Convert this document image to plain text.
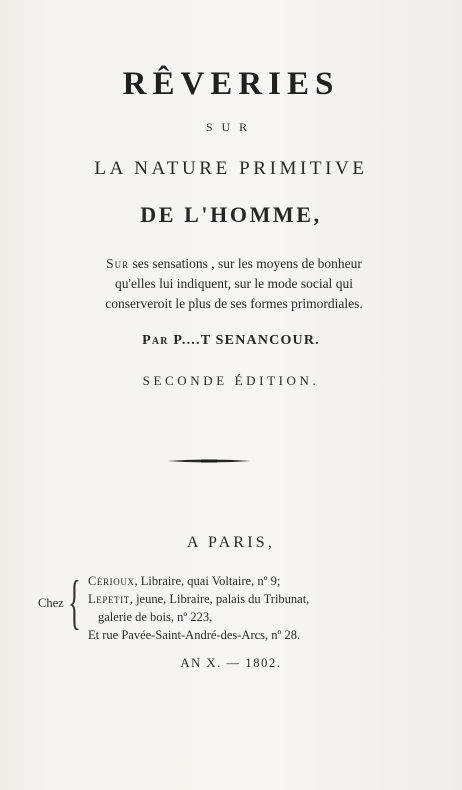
RÊVERIES
SUR
LA NATURE PRIMITIVE
DE L'HOMME,
Sur ses sensations , sur les moyens de bonheur
qu'elles lui indiquent, sur le mode social qui
conserveroit le plus de ses formes primordiales.
Par P....T SENANCOUR.
SECONDE ÉDITION.
A PARIS,
Chez { Cérioux, Libraire, quai Voltaire, nº 9;
Lepetit, jeune, Libraire, palais du Tribunat,
galerie de bois, nº 223,
Et rue Pavée-Saint-André-des-Arcs, nº 28.
AN X. — 1802.
